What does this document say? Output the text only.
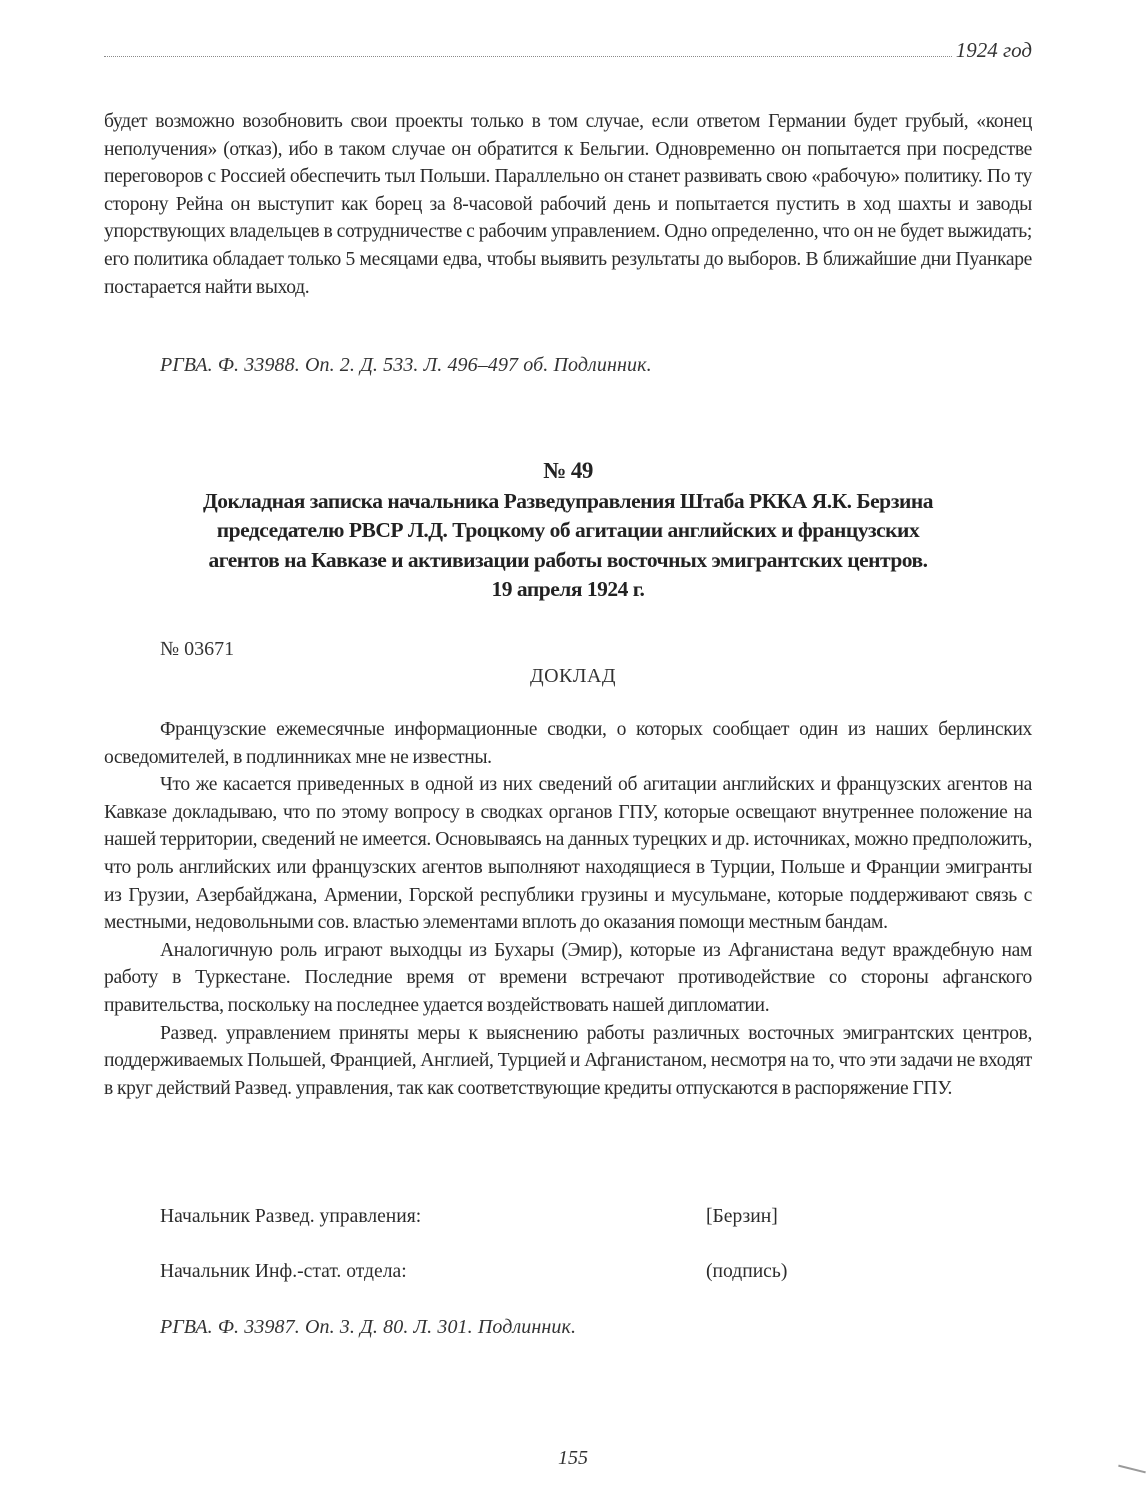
1924 год

будет возможно возобновить свои проекты только в том случае, если ответом Германии будет грубый, «конец неполучения» (отказ), ибо в таком случае он обратится к Бельгии. Одновременно он попытается при посредстве переговоров с Россией обеспечить тыл Польши. Параллельно он станет развивать свою «рабочую» политику. По ту сторону Рейна он выступит как борец за 8-часовой рабочий день и попытается пустить в ход шахты и заводы упорствующих владельцев в сотрудничестве с рабочим управлением. Одно определенно, что он не будет выжидать; его политика обладает только 5 месяцами едва, чтобы выявить результаты до выборов. В ближайшие дни Пуанкаре постарается найти выход.

РГВА. Ф. 33988. Оп. 2. Д. 533. Л. 496–497 об. Подлинник.
№ 49
Докладная записка начальника Разведуправления Штаба РККА Я.К. Берзина
председателю РВСР Л.Д. Троцкому об агитации английских и французских
агентов на Кавказе и активизации работы восточных эмигрантских центров.
19 апреля 1924 г.
№ 03671
ДОКЛАД

Французские ежемесячные информационные сводки, о которых сообщает один из наших берлинских осведомителей, в подлинниках мне не известны.

Что же касается приведенных в одной из них сведений об агитации английских и французских агентов на Кавказе докладываю, что по этому вопросу в сводках органов ГПУ, которые освещают внутреннее положение на нашей территории, сведений не имеется. Основываясь на данных турецких и др. источниках, можно предположить, что роль английских или французских агентов выполняют находящиеся в Турции, Польше и Франции эмигранты из Грузии, Азербайджана, Армении, Горской республики грузины и мусульмане, которые поддерживают связь с местными, недовольными сов. властью элементами вплоть до оказания помощи местным бандам.

Аналогичную роль играют выходцы из Бухары (Эмир), которые из Афганистана ведут враждебную нам работу в Туркестане. Последние время от времени встречают противодействие со стороны афганского правительства, поскольку на последнее удается воздействовать нашей дипломатии.

Развед. управлением приняты меры к выяснению работы различных восточных эмигрантских центров, поддерживаемых Польшей, Францией, Англией, Турцией и Афганистаном, несмотря на то, что эти задачи не входят в круг действий Развед. управления, так как соответствующие кредиты отпускаются в распоряжение ГПУ.

Начальник Развед. управления:	[Берзин]
Начальник Инф.-стат. отдела:	(подпись)
РГВА. Ф. 33987. Оп. 3. Д. 80. Л. 301. Подлинник.
155
